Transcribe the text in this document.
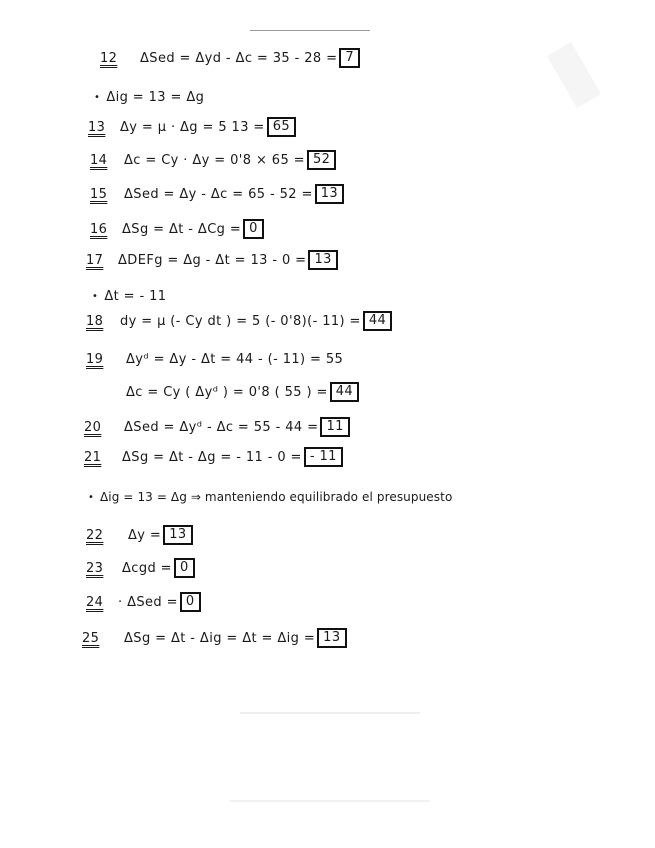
12	ΔSed = Δyd - Δc = 35 - 28 = 7
• Δig = 13 = Δg
13	Δy = μ · Δg = 5 13 = 65
14	Δc = Cy · Δy = 0'8 × 65 = 52
15	ΔSed = Δy - Δc = 65 - 52 = 13
16	ΔSg = Δt - ΔCg = 0
17	ΔDEFg = Δg - Δt = 13 - 0 = 13
• Δt = - 11
18	dy = μ (- Cy dt ) = 5 (- 0'8)(- 11) = 44
19	Δyᵈ = Δy - Δt = 44 - (- 11) = 55
Δc = Cy ( Δyᵈ ) = 0'8 ( 55 ) = 44
20	ΔSed = Δyᵈ - Δc = 55 - 44 = 11
21	ΔSg = Δt - Δg = - 11 - 0 = - 11
• Δig = 13 = Δg ⇒ manteniendo equilibrado el presupuesto
22	Δy = 13
23	Δcgd = 0
24	· ΔSed = 0
25	ΔSg = Δt - Δig = Δt = Δig = 13
